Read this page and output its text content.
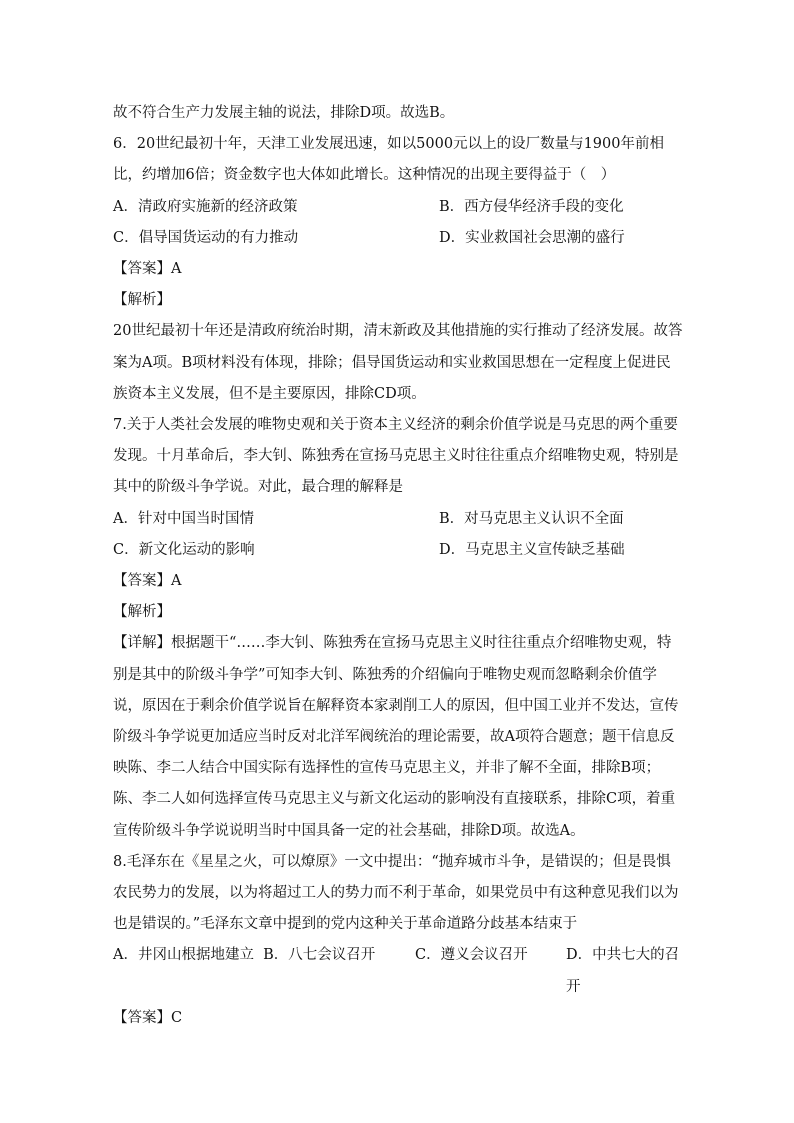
故不符合生产力发展主轴的说法，排除D项。故选B。

6．20世纪最初十年，天津工业发展迅速，如以5000元以上的设厂数量与1900年前相比，约增加6倍；资金数字也大体如此增长。这种情况的出现主要得益于（　）

A．清政府实施新的经济政策	B．西方侵华经济手段的变化
C．倡导国货运动的有力推动	D．实业救国社会思潮的盛行
【答案】A
【解析】

20世纪最初十年还是清政府统治时期，清末新政及其他措施的实行推动了经济发展。故答案为A项。B项材料没有体现，排除；倡导国货运动和实业救国思想在一定程度上促进民族资本主义发展，但不是主要原因，排除CD项。

7.关于人类社会发展的唯物史观和关于资本主义经济的剩余价值学说是马克思的两个重要发现。十月革命后，李大钊、陈独秀在宣扬马克思主义时往往重点介绍唯物史观，特别是其中的阶级斗争学说。对此，最合理的解释是

A．针对中国当时国情	B．对马克思主义认识不全面
C．新文化运动的影响	D．马克思主义宣传缺乏基础
【答案】A
【解析】

【详解】根据题干“……李大钊、陈独秀在宣扬马克思主义时往往重点介绍唯物史观，特别是其中的阶级斗争学”可知李大钊、陈独秀的介绍偏向于唯物史观而忽略剩余价值学说，原因在于剩余价值学说旨在解释资本家剥削工人的原因，但中国工业并不发达，宣传阶级斗争学说更加适应当时反对北洋军阀统治的理论需要，故A项符合题意；题干信息反映陈、李二人结合中国实际有选择性的宣传马克思主义，并非了解不全面，排除B项；陈、李二人如何选择宣传马克思主义与新文化运动的影响没有直接联系，排除C项，着重宣传阶级斗争学说说明当时中国具备一定的社会基础，排除D项。故选A。

8.毛泽东在《星星之火，可以燎原》一文中提出：“抛弃城市斗争，是错误的；但是畏惧农民势力的发展，以为将超过工人的势力而不利于革命，如果党员中有这种意见我们以为也是错误的。”毛泽东文章中提到的党内这种关于革命道路分歧基本结束于

A．井冈山根据地建立 B．八七会议召开	C．遵义会议召开	D．中共七大的召开
【答案】C
